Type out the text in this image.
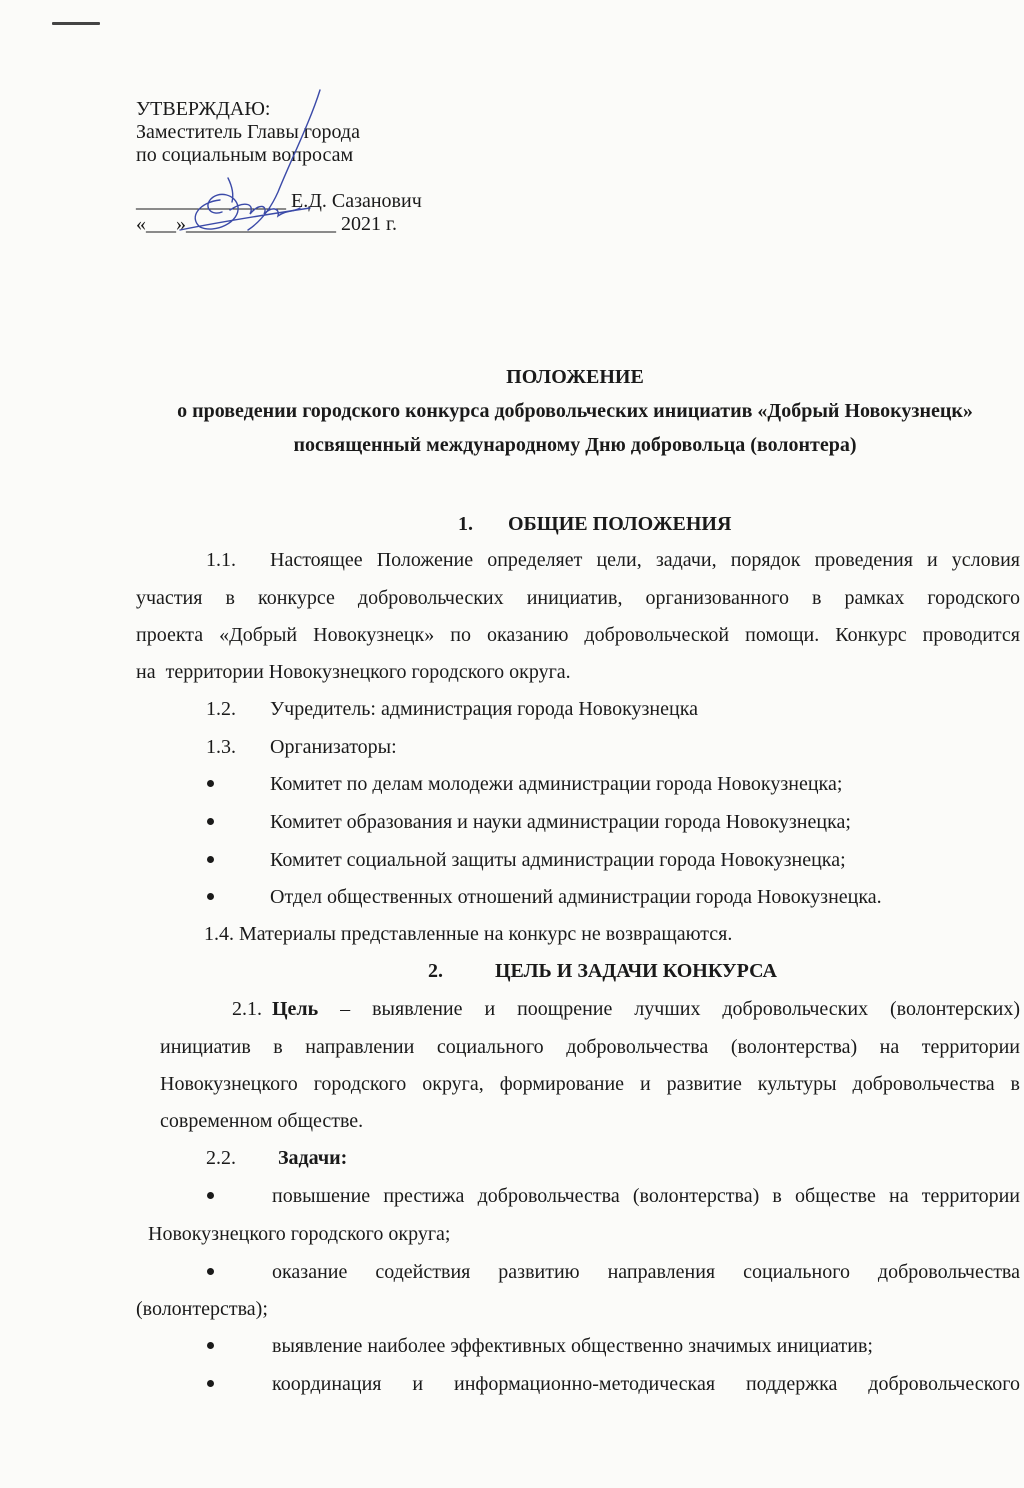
УТВЕРЖДАЮ:
Заместитель Главы города
по социальным вопросам
_______________ Е.Д. Сазанович
«___»_______________ 2021 г.
ПОЛОЖЕНИЕ
о проведении городского конкурса добровольческих инициатив «Добрый Новокузнецк»
посвященный международному Дню добровольца (волонтера)
1. ОБЩИЕ ПОЛОЖЕНИЯ
1.1. Настоящее Положение определяет цели, задачи, порядок проведения и условия
участия в конкурсе добровольческих инициатив, организованного в рамках городского
проекта «Добрый Новокузнецк» по оказанию добровольческой помощи. Конкурс проводится
на  территории Новокузнецкого городского округа.
1.2. Учредитель: администрация города Новокузнецка
1.3. Организаторы:
Комитет по делам молодежи администрации города Новокузнецка;
Комитет образования и науки администрации города Новокузнецка;
Комитет социальной защиты администрации города Новокузнецка;
Отдел общественных отношений администрации города Новокузнецка.
1.4. Материалы представленные на конкурс не возвращаются.
2.	ЦЕЛЬ И ЗАДАЧИ КОНКУРСА
2.1. Цель – выявление и поощрение лучших добровольческих (волонтерских)
инициатив в направлении социального добровольчества (волонтерства) на территории
Новокузнецкого городского округа, формирование и развитие культуры добровольчества в
современном обществе.
2.2. Задачи:
повышение престижа добровольчества (волонтерства) в обществе на территории
Новокузнецкого городского округа;
оказание содействия развитию направления социального добровольчества
(волонтерства);
выявление наиболее эффективных общественно значимых инициатив;
координация и информационно-методическая поддержка добровольческого
